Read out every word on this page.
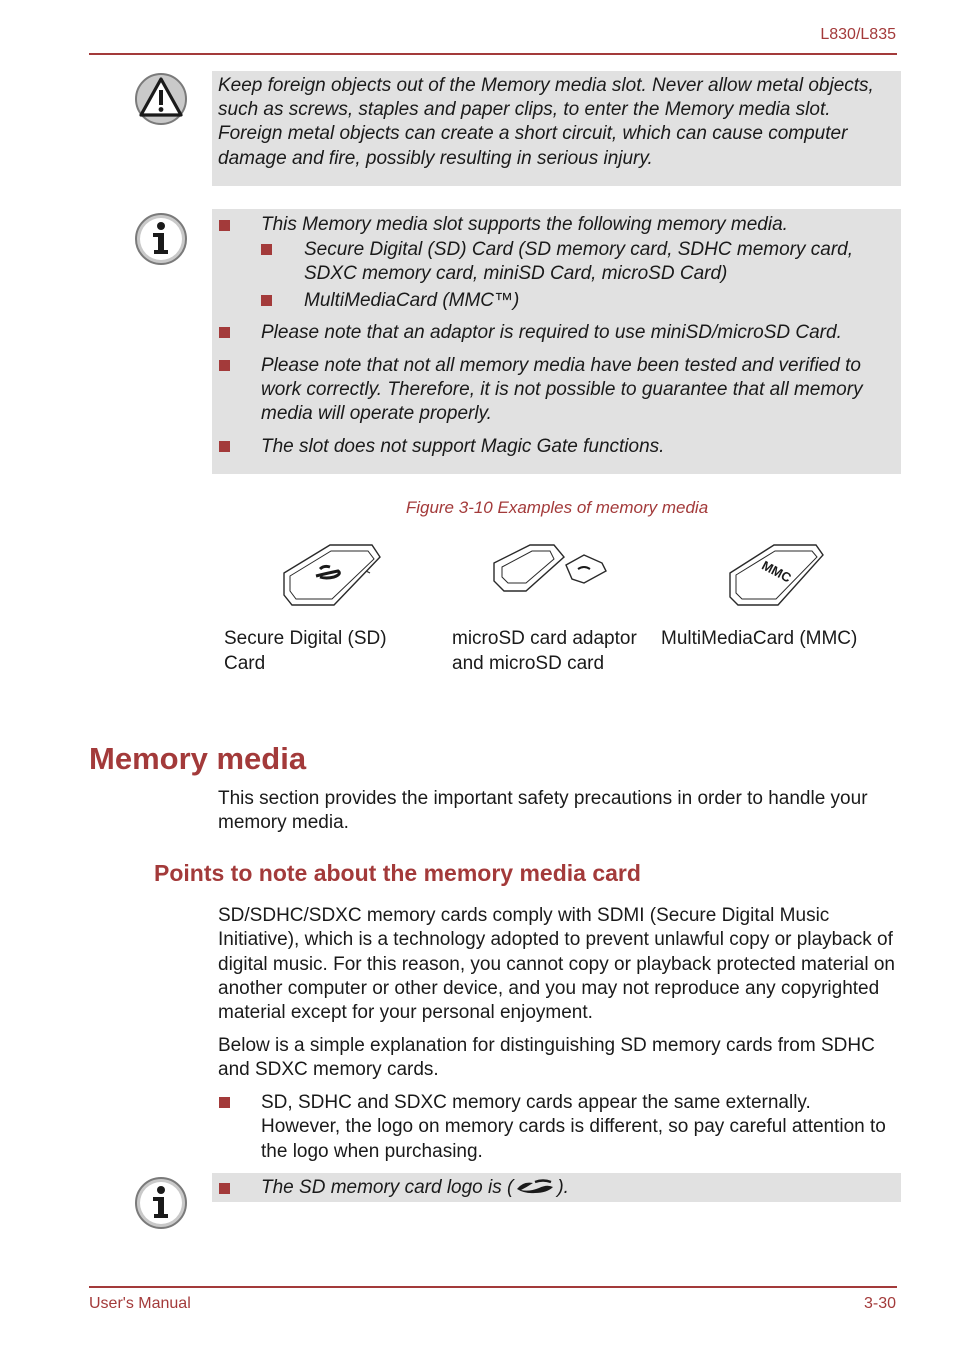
L830/L835

Keep foreign objects out of the Memory media slot. Never allow metal objects, such as screws, staples and paper clips, to enter the Memory media slot. Foreign metal objects can create a short circuit, which can cause computer damage and fire, possibly resulting in serious injury.

This Memory media slot supports the following memory media.
Secure Digital (SD) Card (SD memory card, SDHC memory card, SDXC memory card, miniSD Card, microSD Card)
MultiMediaCard (MMC™)
Please note that an adaptor is required to use miniSD/microSD Card.
Please note that not all memory media have been tested and verified to work correctly. Therefore, it is not possible to guarantee that all memory media will operate properly.
The slot does not support Magic Gate functions.
Figure 3-10 Examples of memory media
MMC
Secure Digital (SD) Card
microSD card adaptor and microSD card
MultiMediaCard (MMC)
Memory media

This section provides the important safety precautions in order to handle your memory media.

Points to note about the memory media card

SD/SDHC/SDXC memory cards comply with SDMI (Secure Digital Music Initiative), which is a technology adopted to prevent unlawful copy or playback of digital music. For this reason, you cannot copy or playback protected material on another computer or other device, and you may not reproduce any copyrighted material except for your personal enjoyment.

Below is a simple explanation for distinguishing SD memory cards from SDHC and SDXC memory cards.

SD, SDHC and SDXC memory cards appear the same externally. However, the logo on memory cards is different, so pay careful attention to the logo when purchasing.

The SD memory card logo is ( ).
User's Manual	3-30
